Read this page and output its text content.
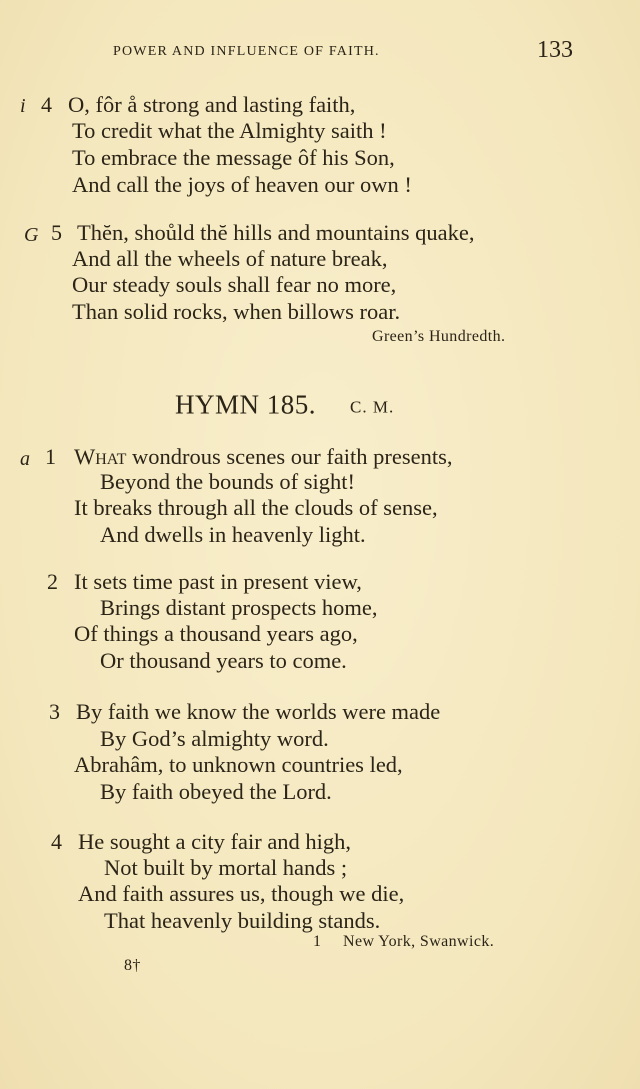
POWER AND INFLUENCE OF FAITH.	133
i 4 O, fôr å strong and lasting faith,
To credit what the Almighty saith !
To embrace the message ôf his Son,
And call the joys of heaven our own !
G 5 Thĕn, shoůld thĕ hills and mountains quake,
And all the wheels of nature break,
Our steady souls shall fear no more,
Than solid rocks, when billows roar.
Green’s Hundredth.
HYMN 185. C. M.
a 1 What wondrous scenes our faith presents,
Beyond the bounds of sight!
It breaks through all the clouds of sense,
And dwells in heavenly light.
2 It sets time past in present view,
Brings distant prospects home,
Of things a thousand years ago,
Or thousand years to come.
3 By faith we know the worlds were made
By God’s almighty word.
Abrahâm, to unknown countries led,
By faith obeyed the Lord.
4 He sought a city fair and high,
Not built by mortal hands ;
And faith assures us, though we die,
That heavenly building stands.
1 New York, Swanwick.
8†
